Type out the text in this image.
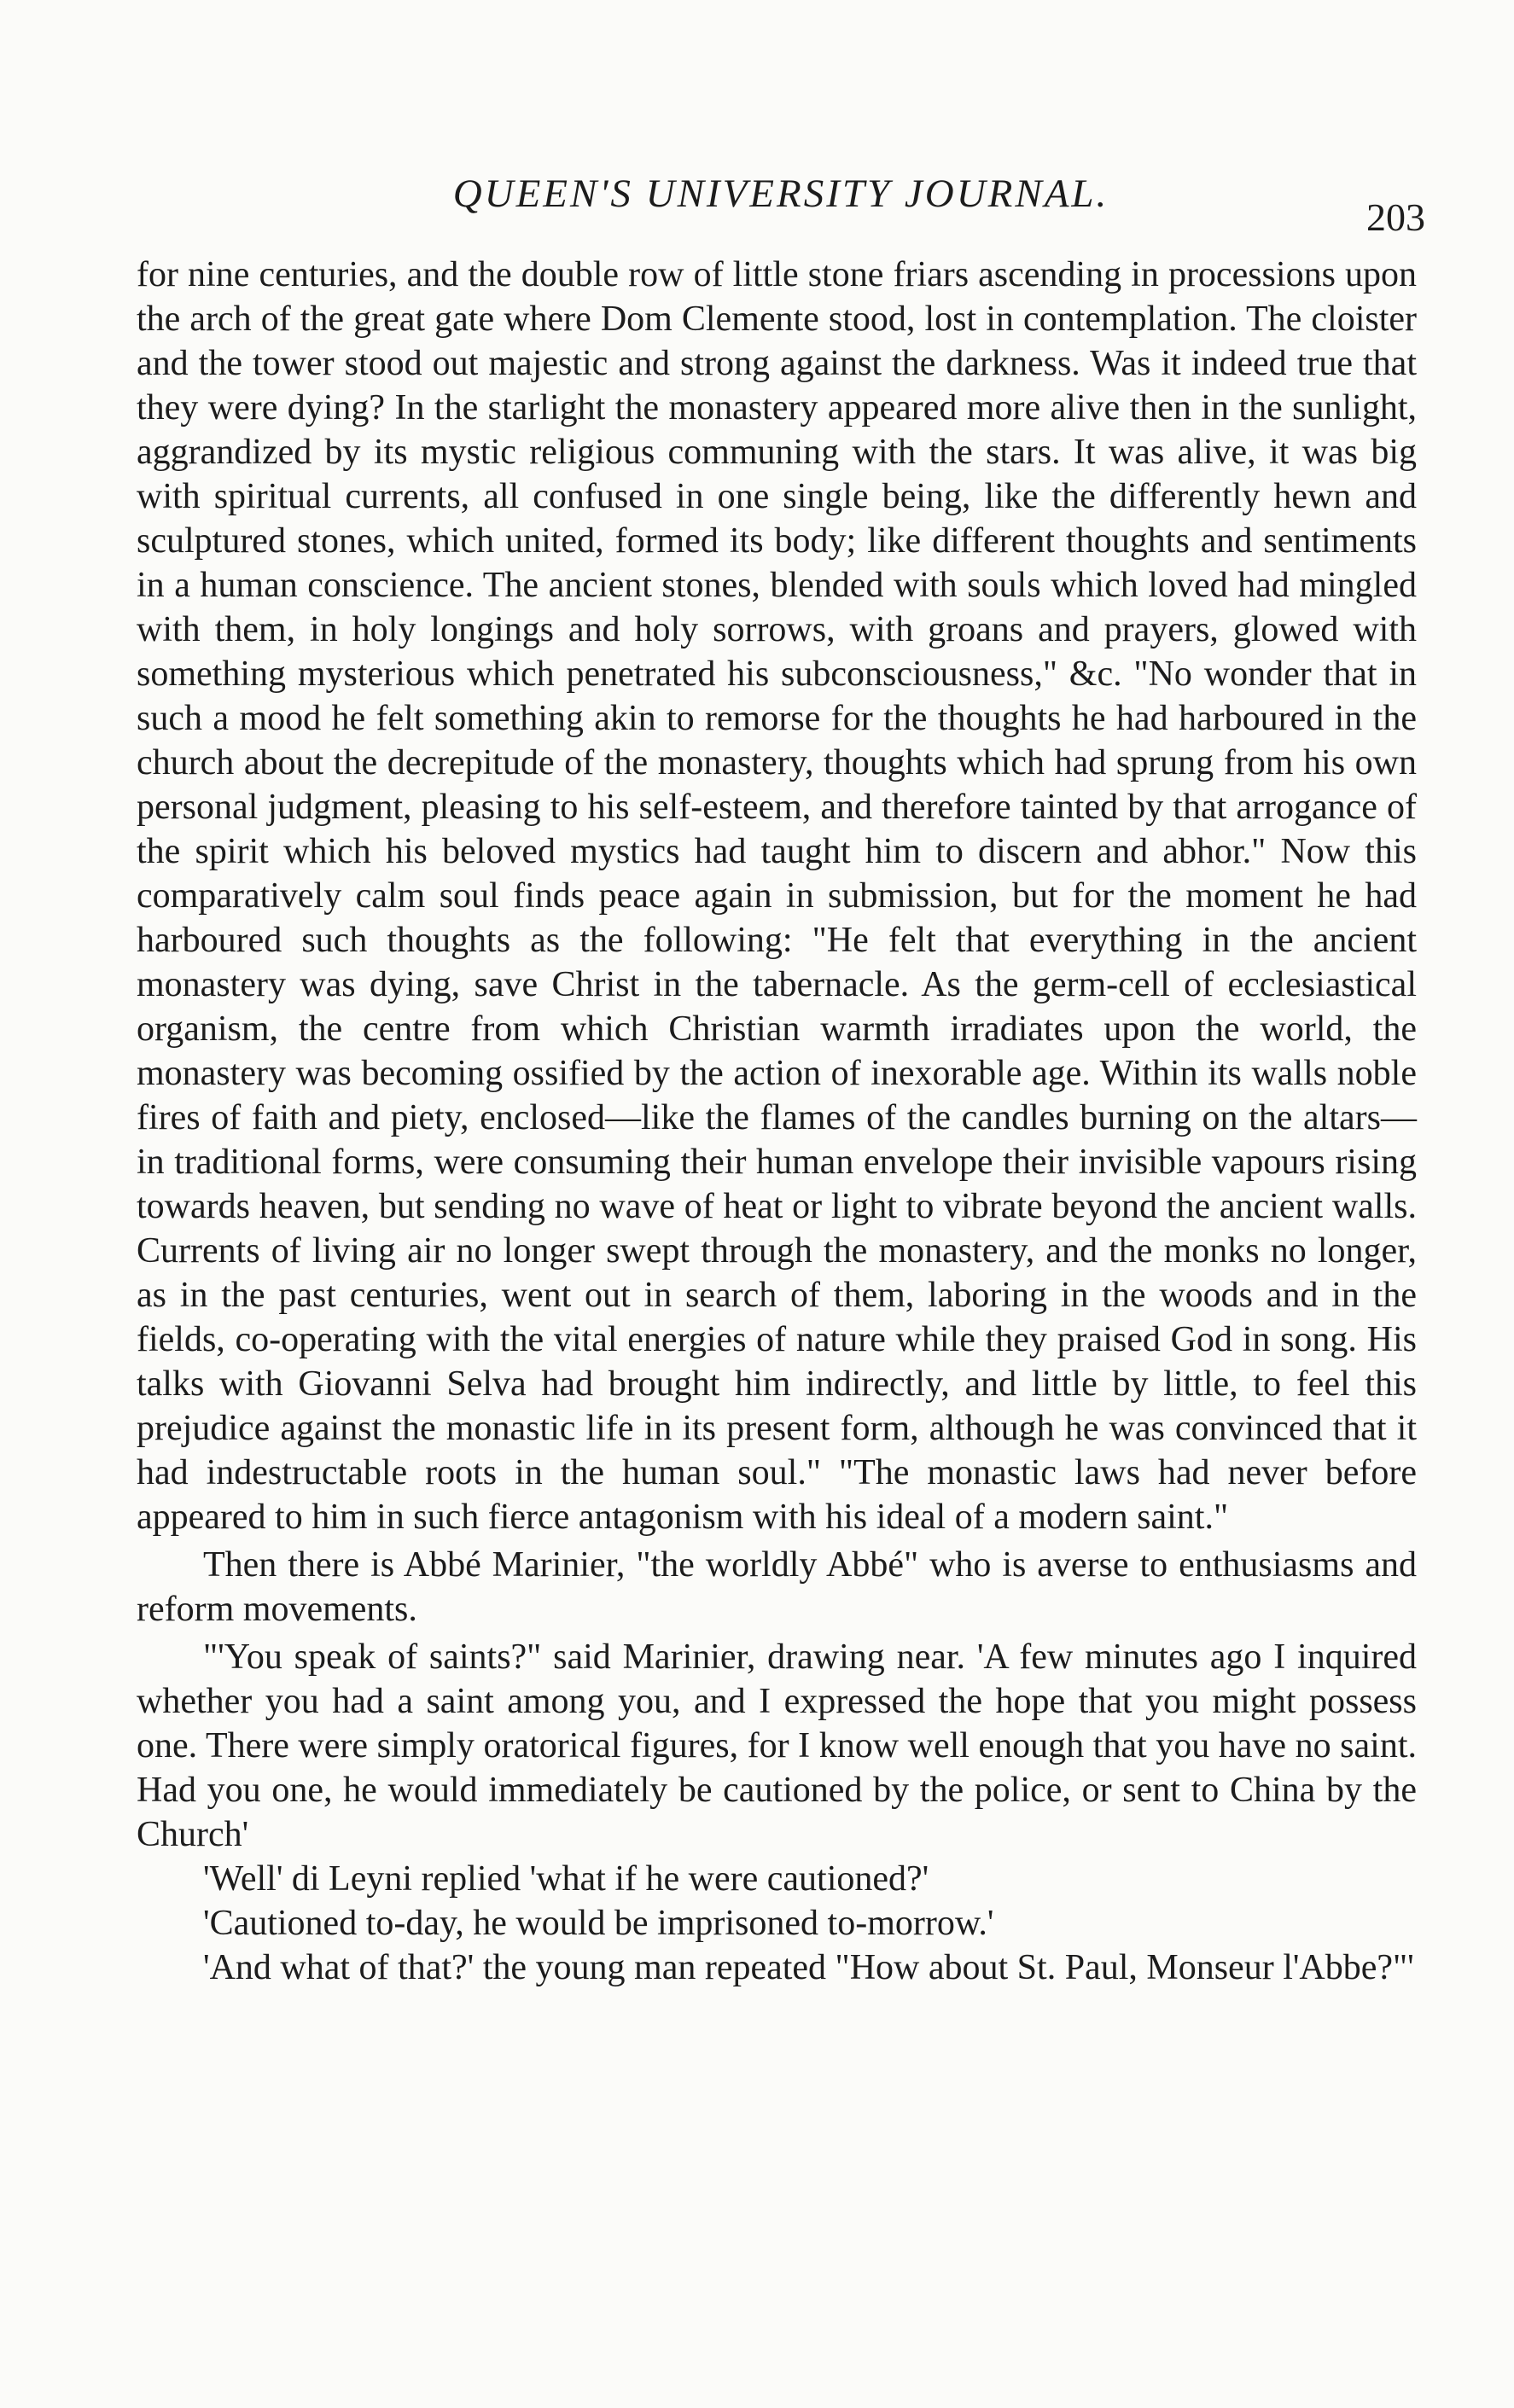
QUEEN'S UNIVERSITY JOURNAL.
203

for nine centuries, and the double row of little stone friars ascending in processions upon the arch of the great gate where Dom Clemente stood, lost in contemplation. The cloister and the tower stood out majestic and strong against the darkness. Was it indeed true that they were dying? In the starlight the monastery appeared more alive then in the sunlight, aggrandized by its mystic religious communing with the stars. It was alive, it was big with spiritual currents, all confused in one single being, like the differently hewn and sculptured stones, which united, formed its body; like different thoughts and sentiments in a human conscience. The ancient stones, blended with souls which loved had mingled with them, in holy longings and holy sorrows, with groans and prayers, glowed with something mysterious which penetrated his subconsciousness," &c. "No wonder that in such a mood he felt something akin to remorse for the thoughts he had harboured in the church about the decrepitude of the monastery, thoughts which had sprung from his own personal judgment, pleasing to his self-esteem, and therefore tainted by that arrogance of the spirit which his beloved mystics had taught him to discern and abhor." Now this comparatively calm soul finds peace again in submission, but for the moment he had harboured such thoughts as the following: "He felt that everything in the ancient monastery was dying, save Christ in the tabernacle. As the germ-cell of ecclesiastical organism, the centre from which Christian warmth irradiates upon the world, the monastery was becoming ossified by the action of inexorable age. Within its walls noble fires of faith and piety, enclosed—like the flames of the candles burning on the altars—in traditional forms, were consuming their human envelope their invisible vapours rising towards heaven, but sending no wave of heat or light to vibrate beyond the ancient walls. Currents of living air no longer swept through the monastery, and the monks no longer, as in the past centuries, went out in search of them, laboring in the woods and in the fields, co-operating with the vital energies of nature while they praised God in song. His talks with Giovanni Selva had brought him indirectly, and little by little, to feel this prejudice against the monastic life in its present form, although he was convinced that it had indestructable roots in the human soul." "The monastic laws had never before appeared to him in such fierce antagonism with his ideal of a modern saint."

Then there is Abbé Marinier, "the worldly Abbé" who is averse to enthusiasms and reform movements.

"'You speak of saints?" said Marinier, drawing near. 'A few minutes ago I inquired whether you had a saint among you, and I expressed the hope that you might possess one. There were simply oratorical figures, for I know well enough that you have no saint. Had you one, he would immediately be cautioned by the police, or sent to China by the Church'

'Well' di Leyni replied 'what if he were cautioned?'

'Cautioned to-day, he would be imprisoned to-morrow.'

'And what of that?' the young man repeated "How about St. Paul, Monseur l'Abbe?"'
